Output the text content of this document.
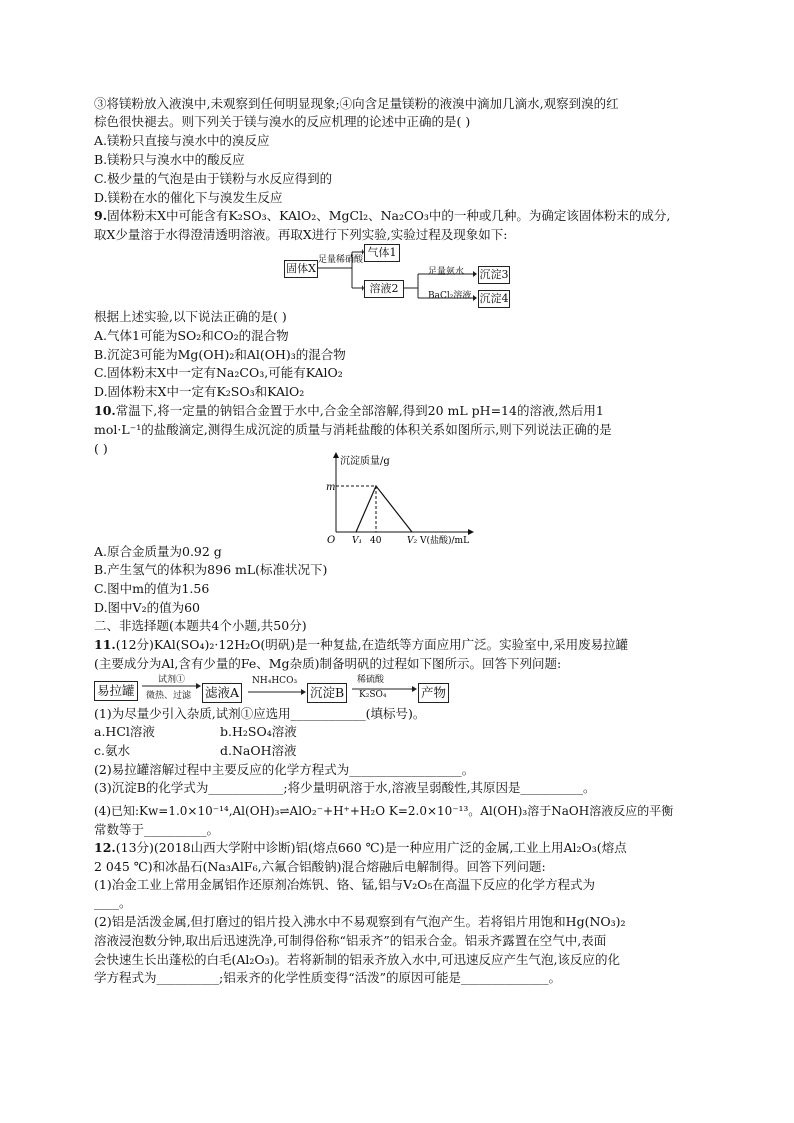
③将镁粉放入液溴中,未观察到任何明显现象;④向含足量镁粉的液溴中滴加几滴水,观察到溴的红
棕色很快褪去。则下列关于镁与溴水的反应机理的论述中正确的是( )
A.镁粉只直接与溴水中的溴反应
B.镁粉只与溴水中的酸反应
C.极少量的气泡是由于镁粉与水反应得到的
D.镁粉在水的催化下与溴发生反应
9.固体粉末X中可能含有K₂SO₃、KAlO₂、MgCl₂、Na₂CO₃中的一种或几种。为确定该固体粉末的成分,
取X少量溶于水得澄清透明溶液。再取X进行下列实验,实验过程及现象如下:
固体X
足量稀硝酸
气体1
溶液2
足量氨水
BaCl₂溶液
沉淀3
沉淀4
根据上述实验,以下说法正确的是( )
A.气体1可能为SO₂和CO₂的混合物
B.沉淀3可能为Mg(OH)₂和Al(OH)₃的混合物
C.固体粉末X中一定有Na₂CO₃,可能有KAlO₂
D.固体粉末X中一定有K₂SO₃和KAlO₂
10.常温下,将一定量的钠铝合金置于水中,合金全部溶解,得到20 mL pH=14的溶液,然后用1
mol·L⁻¹的盐酸滴定,测得生成沉淀的质量与消耗盐酸的体积关系如图所示,则下列说法正确的是
( )
沉淀质量/g
m
O V₁ 40	V₂ V(盐酸)/mL
A.原合金质量为0.92 g
B.产生氢气的体积为896 mL(标准状况下)
C.图中m的值为1.56
D.图中V₂的值为60
二、非选择题(本题共4个小题,共50分)
11.(12分)KAl(SO₄)₂·12H₂O(明矾)是一种复盐,在造纸等方面应用广泛。实验室中,采用废易拉罐
(主要成分为Al,含有少量的Fe、Mg杂质)制备明矾的过程如下图所示。回答下列问题:
易拉罐
试剂①
微热、过滤 滤液A
NH₄HCO₃
沉淀B
稀硫酸
K₂SO₄	产物
(1)为尽量少引入杂质,试剂①应选用____________(填标号)。
a.HCl溶液	b.H₂SO₄溶液
c.氨水	d.NaOH溶液
(2)易拉罐溶解过程中主要反应的化学方程式为__________________。
(3)沉淀B的化学式为____________;将少量明矾溶于水,溶液呈弱酸性,其原因是__________。
(4)已知:Kw=1.0×10⁻¹⁴,Al(OH)₃⇌AlO₂⁻+H⁺+H₂O K=2.0×10⁻¹³。Al(OH)₃溶于NaOH溶液反应的平衡
常数等于__________。
12.(13分)(2018山西大学附中诊断)铝(熔点660 ℃)是一种应用广泛的金属,工业上用Al₂O₃(熔点
2 045 ℃)和冰晶石(Na₃AlF₆,六氟合铝酸钠)混合熔融后电解制得。回答下列问题:
(1)冶金工业上常用金属铝作还原剂冶炼钒、铬、锰,铝与V₂O₅在高温下反应的化学方程式为
____。
(2)铝是活泼金属,但打磨过的铝片投入沸水中不易观察到有气泡产生。若将铝片用饱和Hg(NO₃)₂
溶液浸泡数分钟,取出后迅速洗净,可制得俗称“铝汞齐”的铝汞合金。铝汞齐露置在空气中,表面
会快速生长出蓬松的白毛(Al₂O₃)。若将新制的铝汞齐放入水中,可迅速反应产生气泡,该反应的化
学方程式为__________;铝汞齐的化学性质变得“活泼”的原因可能是______________。
